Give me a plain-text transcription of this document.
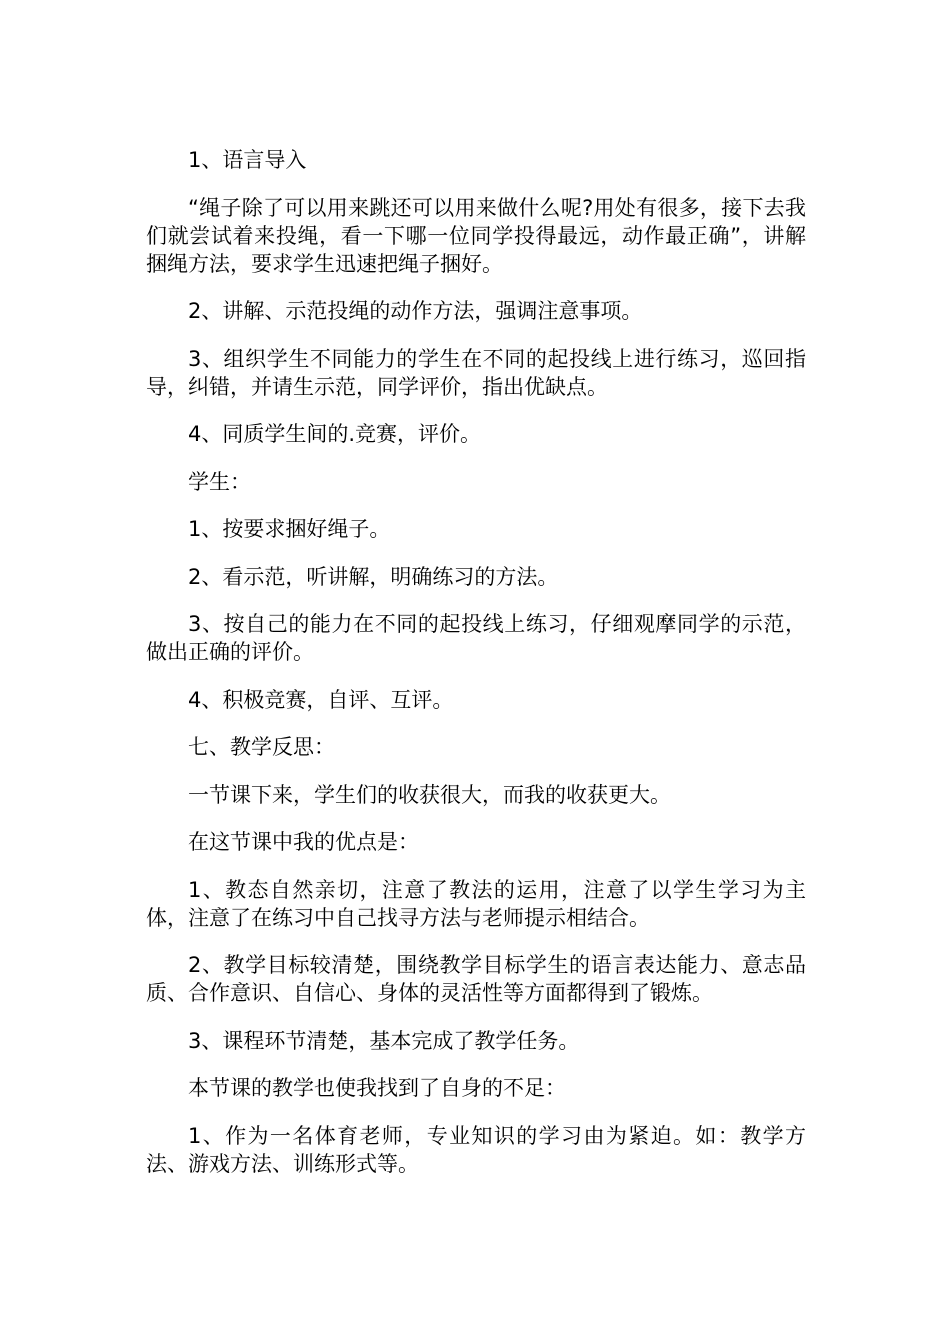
1、语言导入

“绳子除了可以用来跳还可以用来做什么呢?用处有很多，接下去我们就尝试着来投绳，看一下哪一位同学投得最远，动作最正确”，讲解捆绳方法，要求学生迅速把绳子捆好。

2、讲解、示范投绳的动作方法，强调注意事项。

3、组织学生不同能力的学生在不同的起投线上进行练习，巡回指导，纠错，并请生示范，同学评价，指出优缺点。

4、同质学生间的.竞赛，评价。

学生：

1、按要求捆好绳子。

2、看示范，听讲解，明确练习的方法。

3、按自己的能力在不同的起投线上练习，仔细观摩同学的示范，做出正确的评价。

4、积极竞赛，自评、互评。

七、教学反思：

一节课下来，学生们的收获很大，而我的收获更大。

在这节课中我的优点是：

1、教态自然亲切，注意了教法的运用，注意了以学生学习为主体，注意了在练习中自己找寻方法与老师提示相结合。

2、教学目标较清楚，围绕教学目标学生的语言表达能力、意志品质、合作意识、自信心、身体的灵活性等方面都得到了锻炼。

3、课程环节清楚，基本完成了教学任务。

本节课的教学也使我找到了自身的不足：

1、作为一名体育老师，专业知识的学习由为紧迫。如：教学方法、游戏方法、训练形式等。
